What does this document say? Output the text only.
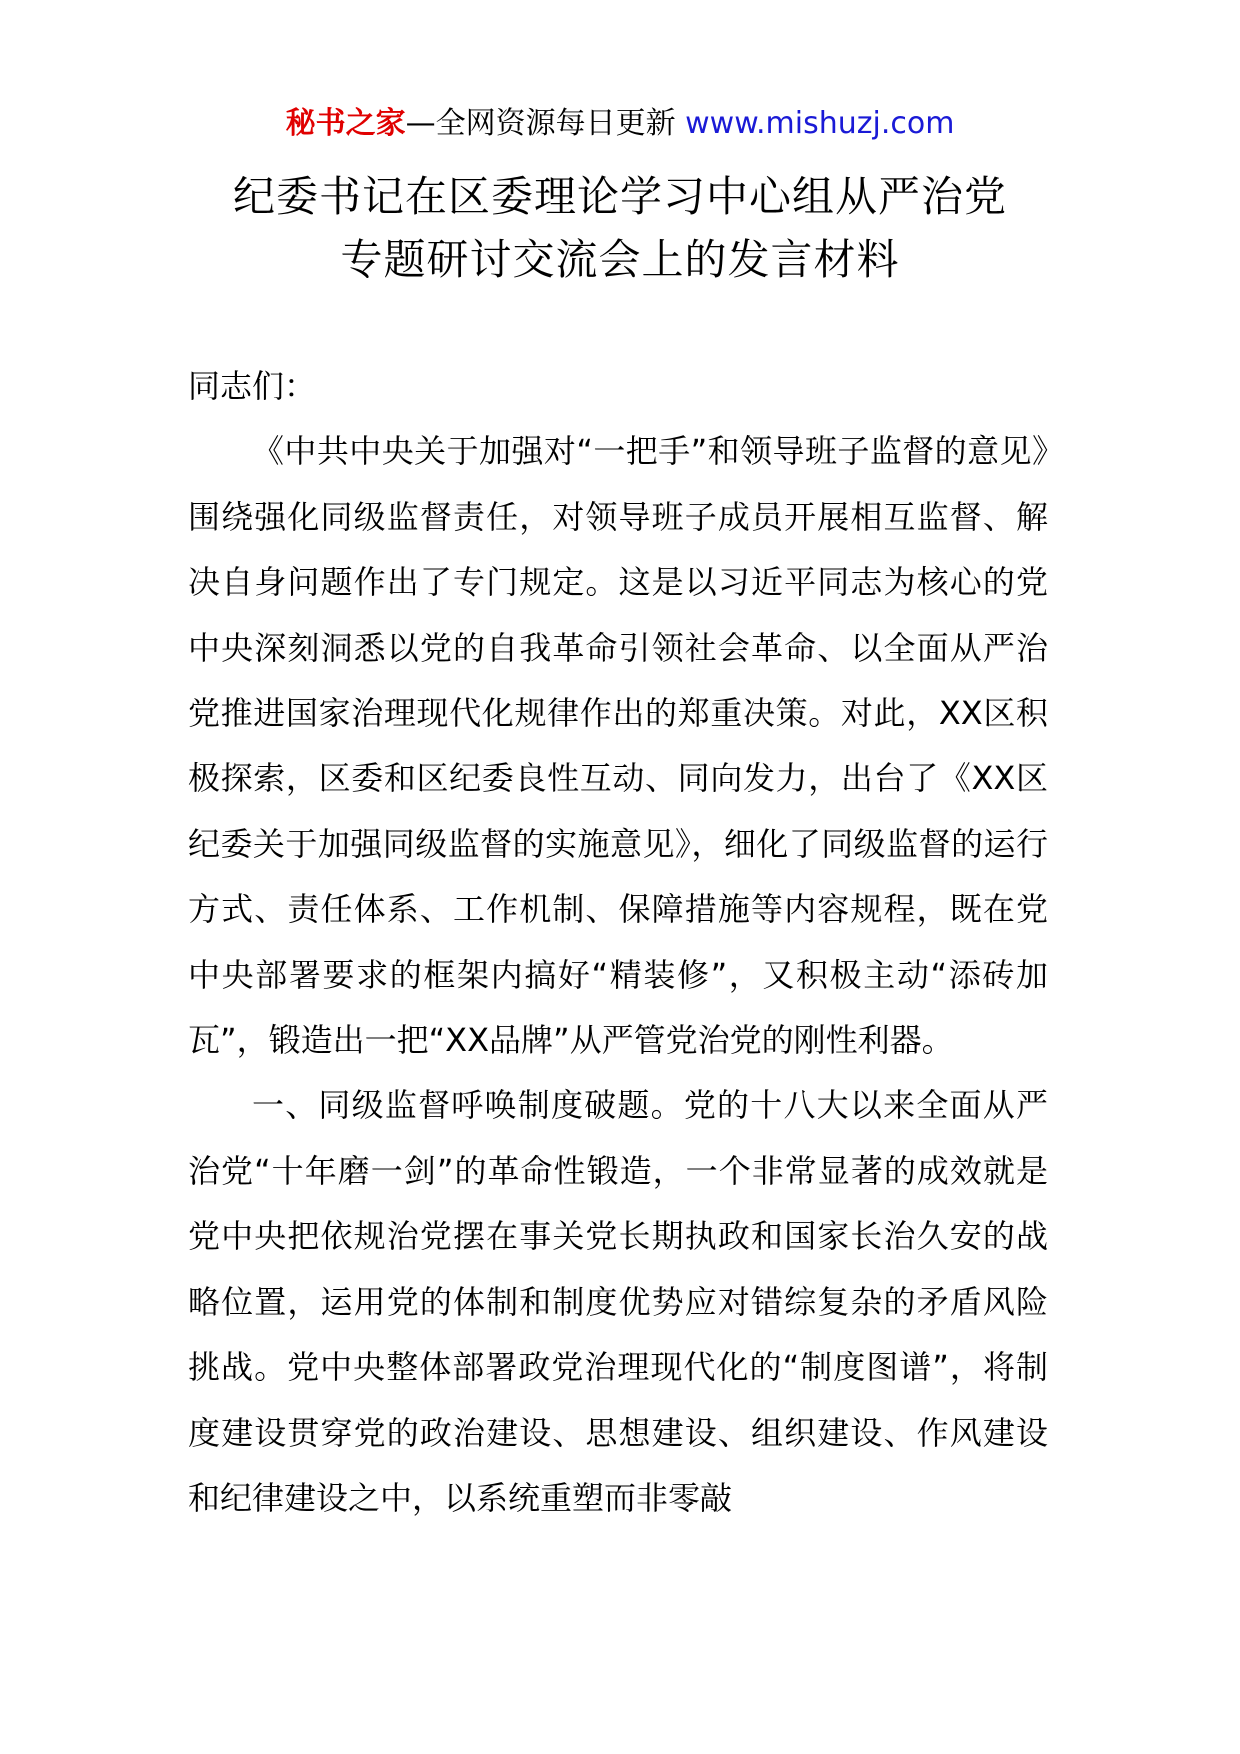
秘书之家—全网资源每日更新 www.mishuzj.com
纪委书记在区委理论学习中心组从严治党
专题研讨交流会上的发言材料

同志们：

《中共中央关于加强对“一把手”和领导班子监督的意见》围绕强化同级监督责任，对领导班子成员开展相互监督、解决自身问题作出了专门规定。这是以习近平同志为核心的党中央深刻洞悉以党的自我革命引领社会革命、以全面从严治党推进国家治理现代化规律作出的郑重决策。对此，XX区积极探索，区委和区纪委良性互动、同向发力，出台了《XX区纪委关于加强同级监督的实施意见》，细化了同级监督的运行方式、责任体系、工作机制、保障措施等内容规程，既在党中央部署要求的框架内搞好“精装修”，又积极主动“添砖加瓦”，锻造出一把“XX品牌”从严管党治党的刚性利器。

一、同级监督呼唤制度破题。党的十八大以来全面从严治党“十年磨一剑”的革命性锻造，一个非常显著的成效就是党中央把依规治党摆在事关党长期执政和国家长治久安的战略位置，运用党的体制和制度优势应对错综复杂的矛盾风险挑战。党中央整体部署政党治理现代化的“制度图谱”，将制度建设贯穿党的政治建设、思想建设、组织建设、作风建设和纪律建设之中，以系统重塑而非零敲
